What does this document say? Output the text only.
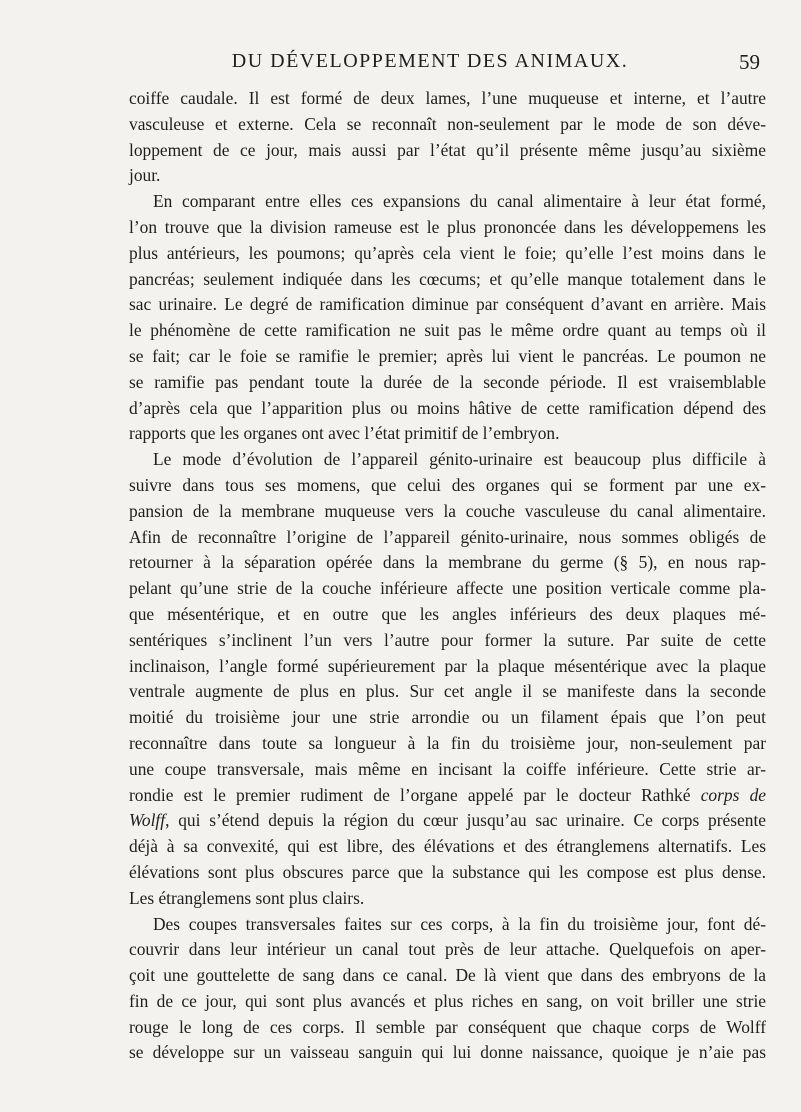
DU DÉVELOPPEMENT DES ANIMAUX.	59
coiffe caudale. Il est formé de deux lames, l’une muqueuse et interne, et l’autre
vasculeuse et externe. Cela se reconnaît non-seulement par le mode de son déve-
loppement de ce jour, mais aussi par l’état qu’il présente même jusqu’au sixième
jour.
En comparant entre elles ces expansions du canal alimentaire à leur état formé,
l’on trouve que la division rameuse est le plus prononcée dans les développemens les
plus antérieurs, les poumons; qu’après cela vient le foie; qu’elle l’est moins dans le
pancréas; seulement indiquée dans les cœcums; et qu’elle manque totalement dans le
sac urinaire. Le degré de ramification diminue par conséquent d’avant en arrière. Mais
le phénomène de cette ramification ne suit pas le même ordre quant au temps où il
se fait; car le foie se ramifie le premier; après lui vient le pancréas. Le poumon ne
se ramifie pas pendant toute la durée de la seconde période. Il est vraisemblable
d’après cela que l’apparition plus ou moins hâtive de cette ramification dépend des
rapports que les organes ont avec l’état primitif de l’embryon.
Le mode d’évolution de l’appareil génito-urinaire est beaucoup plus difficile à
suivre dans tous ses momens, que celui des organes qui se forment par une ex-
pansion de la membrane muqueuse vers la couche vasculeuse du canal alimentaire.
Afin de reconnaître l’origine de l’appareil génito-urinaire, nous sommes obligés de
retourner à la séparation opérée dans la membrane du germe (§ 5), en nous rap-
pelant qu’une strie de la couche inférieure affecte une position verticale comme pla-
que mésentérique, et en outre que les angles inférieurs des deux plaques mé-
sentériques s’inclinent l’un vers l’autre pour former la suture. Par suite de cette
inclinaison, l’angle formé supérieurement par la plaque mésentérique avec la plaque
ventrale augmente de plus en plus. Sur cet angle il se manifeste dans la seconde
moitié du troisième jour une strie arrondie ou un filament épais que l’on peut
reconnaître dans toute sa longueur à la fin du troisième jour, non-seulement par
une coupe transversale, mais même en incisant la coiffe inférieure. Cette strie ar-
rondie est le premier rudiment de l’organe appelé par le docteur Rathké corps de
Wolff, qui s’étend depuis la région du cœur jusqu’au sac urinaire. Ce corps présente
déjà à sa convexité, qui est libre, des élévations et des étranglemens alternatifs. Les
élévations sont plus obscures parce que la substance qui les compose est plus dense.
Les étranglemens sont plus clairs.
Des coupes transversales faites sur ces corps, à la fin du troisième jour, font dé-
couvrir dans leur intérieur un canal tout près de leur attache. Quelquefois on aper-
çoit une gouttelette de sang dans ce canal. De là vient que dans des embryons de la
fin de ce jour, qui sont plus avancés et plus riches en sang, on voit briller une strie
rouge le long de ces corps. Il semble par conséquent que chaque corps de Wolff
se développe sur un vaisseau sanguin qui lui donne naissance, quoique je n’aie pas
